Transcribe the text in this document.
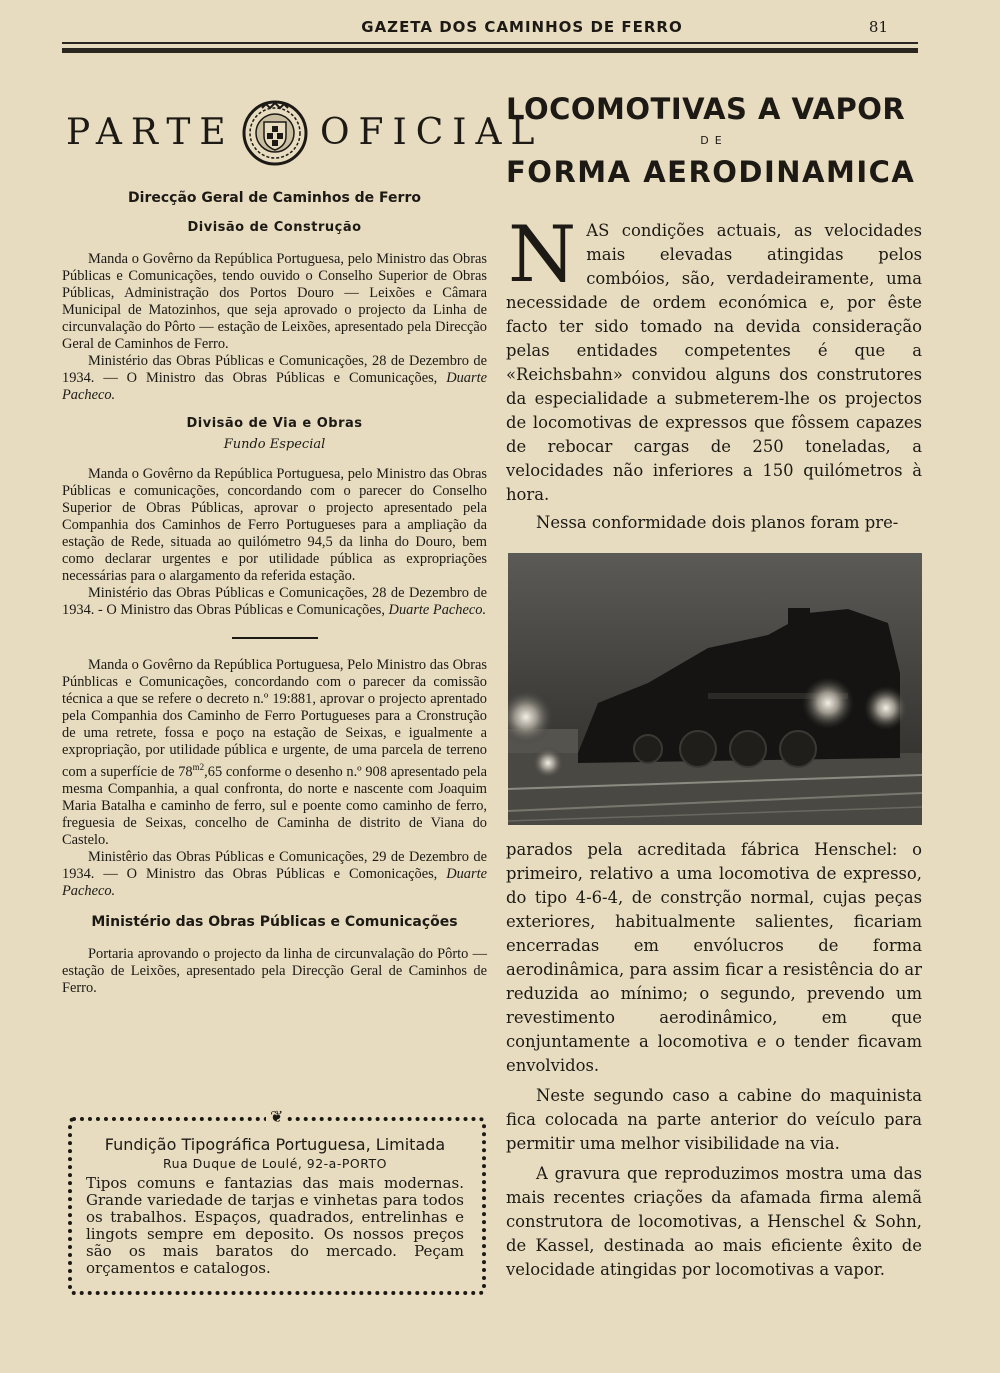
GAZETA DOS CAMINHOS DE FERRO	81
PARTE OFICIAL
Direcção Geral de Caminhos de Ferro
Divisão de Construção

Manda o Govêrno da República Portuguesa, pelo Ministro das Obras Públicas e Comunicações, tendo ouvido o Conselho Superior de Obras Públicas, Administração dos Portos Douro — Leixões e Câmara Municipal de Matozinhos, que seja aprovado o projecto da Linha de circunvalação do Pôrto — estação de Leixões, apresentado pela Direcção Geral de Caminhos de Ferro.

Ministério das Obras Públicas e Comunicações, 28 de Dezembro de 1934. — O Ministro das Obras Públicas e Comunicações, Duarte Pacheco.

Divisão de Via e Obras
Fundo Especial

Manda o Govêrno da República Portuguesa, pelo Ministro das Obras Públicas e comunicações, concordando com o parecer do Conselho Superior de Obras Públicas, aprovar o projecto apresentado pela Companhia dos Caminhos de Ferro Portugueses para a ampliação da estação de Rede, situada ao quilómetro 94,5 da linha do Douro, bem como declarar urgentes e por utilidade pública as expropriações necessárias para o alargamento da referida estação.

Ministério das Obras Públicas e Comunicações, 28 de Dezembro de 1934. - O Ministro das Obras Públicas e Comunicações, Duarte Pacheco.

Manda o Govêrno da República Portuguesa, Pelo Ministro das Obras Púnblicas e Comunicações, concordando com o parecer da comissão técnica a que se refere o decreto n.º 19:881, aprovar o projecto aprentado pela Companhia dos Caminho de Ferro Portugueses para a Cronstrução de uma retrete, fossa e poço na estação de Seixas, e igualmente a expropriação, por utilidade pública e urgente, de uma parcela de terreno com a superfície de $78^{m2},65$ conforme o desenho n.º 908 apresentado pela mesma Companhia, a qual confronta, do norte e nascente com Joaquim Maria Batalha e caminho de ferro, sul e poente como caminho de ferro, freguesia de Seixas, concelho de Caminha de distrito de Viana do Castelo.

Ministêrio das Obras Públicas e Comunicações, 29 de Dezembro de 1934. — O Ministro das Obras Públicas e Comonicações, Duarte Pacheco.

Ministério das Obras Públicas e Comunicações

Portaria aprovando o projecto da linha de circunvalação do Pôrto — estação de Leixões, apresentado pela Direcção Geral de Caminhos de Ferro.

❦
Fundição Tipográfica Portuguesa, Limitada
Rua Duque de Loulé, 92-a-PORTO
Tipos comuns e fantazias das mais modernas. Grande variedade de tarjas e vinhetas para todos os trabalhos. Espaços, quadrados, entrelinhas e lingots sempre em deposito. Os nossos preços são os mais baratos do mercado. Peçam orçamentos e catalogos.
LOCOMOTIVAS A VAPOR
DE
FORMA AERODINAMICA

NAS condições actuais, as velocidades mais elevadas atingidas pelos combóios, são, verdadeiramente, uma necessidade de ordem económica e, por êste facto ter sido tomado na devida consideração pelas entidades competentes é que a «Reichsbahn» convidou alguns dos construtores da especialidade a submeterem-lhe os projectos de locomotivas de expressos que fôssem capazes de rebocar cargas de 250 toneladas, a velocidades não inferiores a 150 quilómetros à hora.

Nessa conformidade dois planos foram pre-

parados pela acreditada fábrica Henschel: o primeiro, relativo a uma locomotiva de expresso, do tipo 4-6-4, de constrção normal, cujas peças exteriores, habitualmente salientes, ficariam encerradas em envólucros de forma aerodinâmica, para assim ficar a resistência do ar reduzida ao mínimo; o segundo, prevendo um revestimento aerodinâmico, em que conjuntamente a locomotiva e o tender ficavam envolvidos.

Neste segundo caso a cabine do maquinista fica colocada na parte anterior do veículo para permitir uma melhor visibilidade na via.

A gravura que reproduzimos mostra uma das mais recentes criações da afamada firma alemã construtora de locomotivas, a Henschel & Sohn, de Kassel, destinada ao mais eficiente êxito de velocidade atingidas por locomotivas a vapor.
